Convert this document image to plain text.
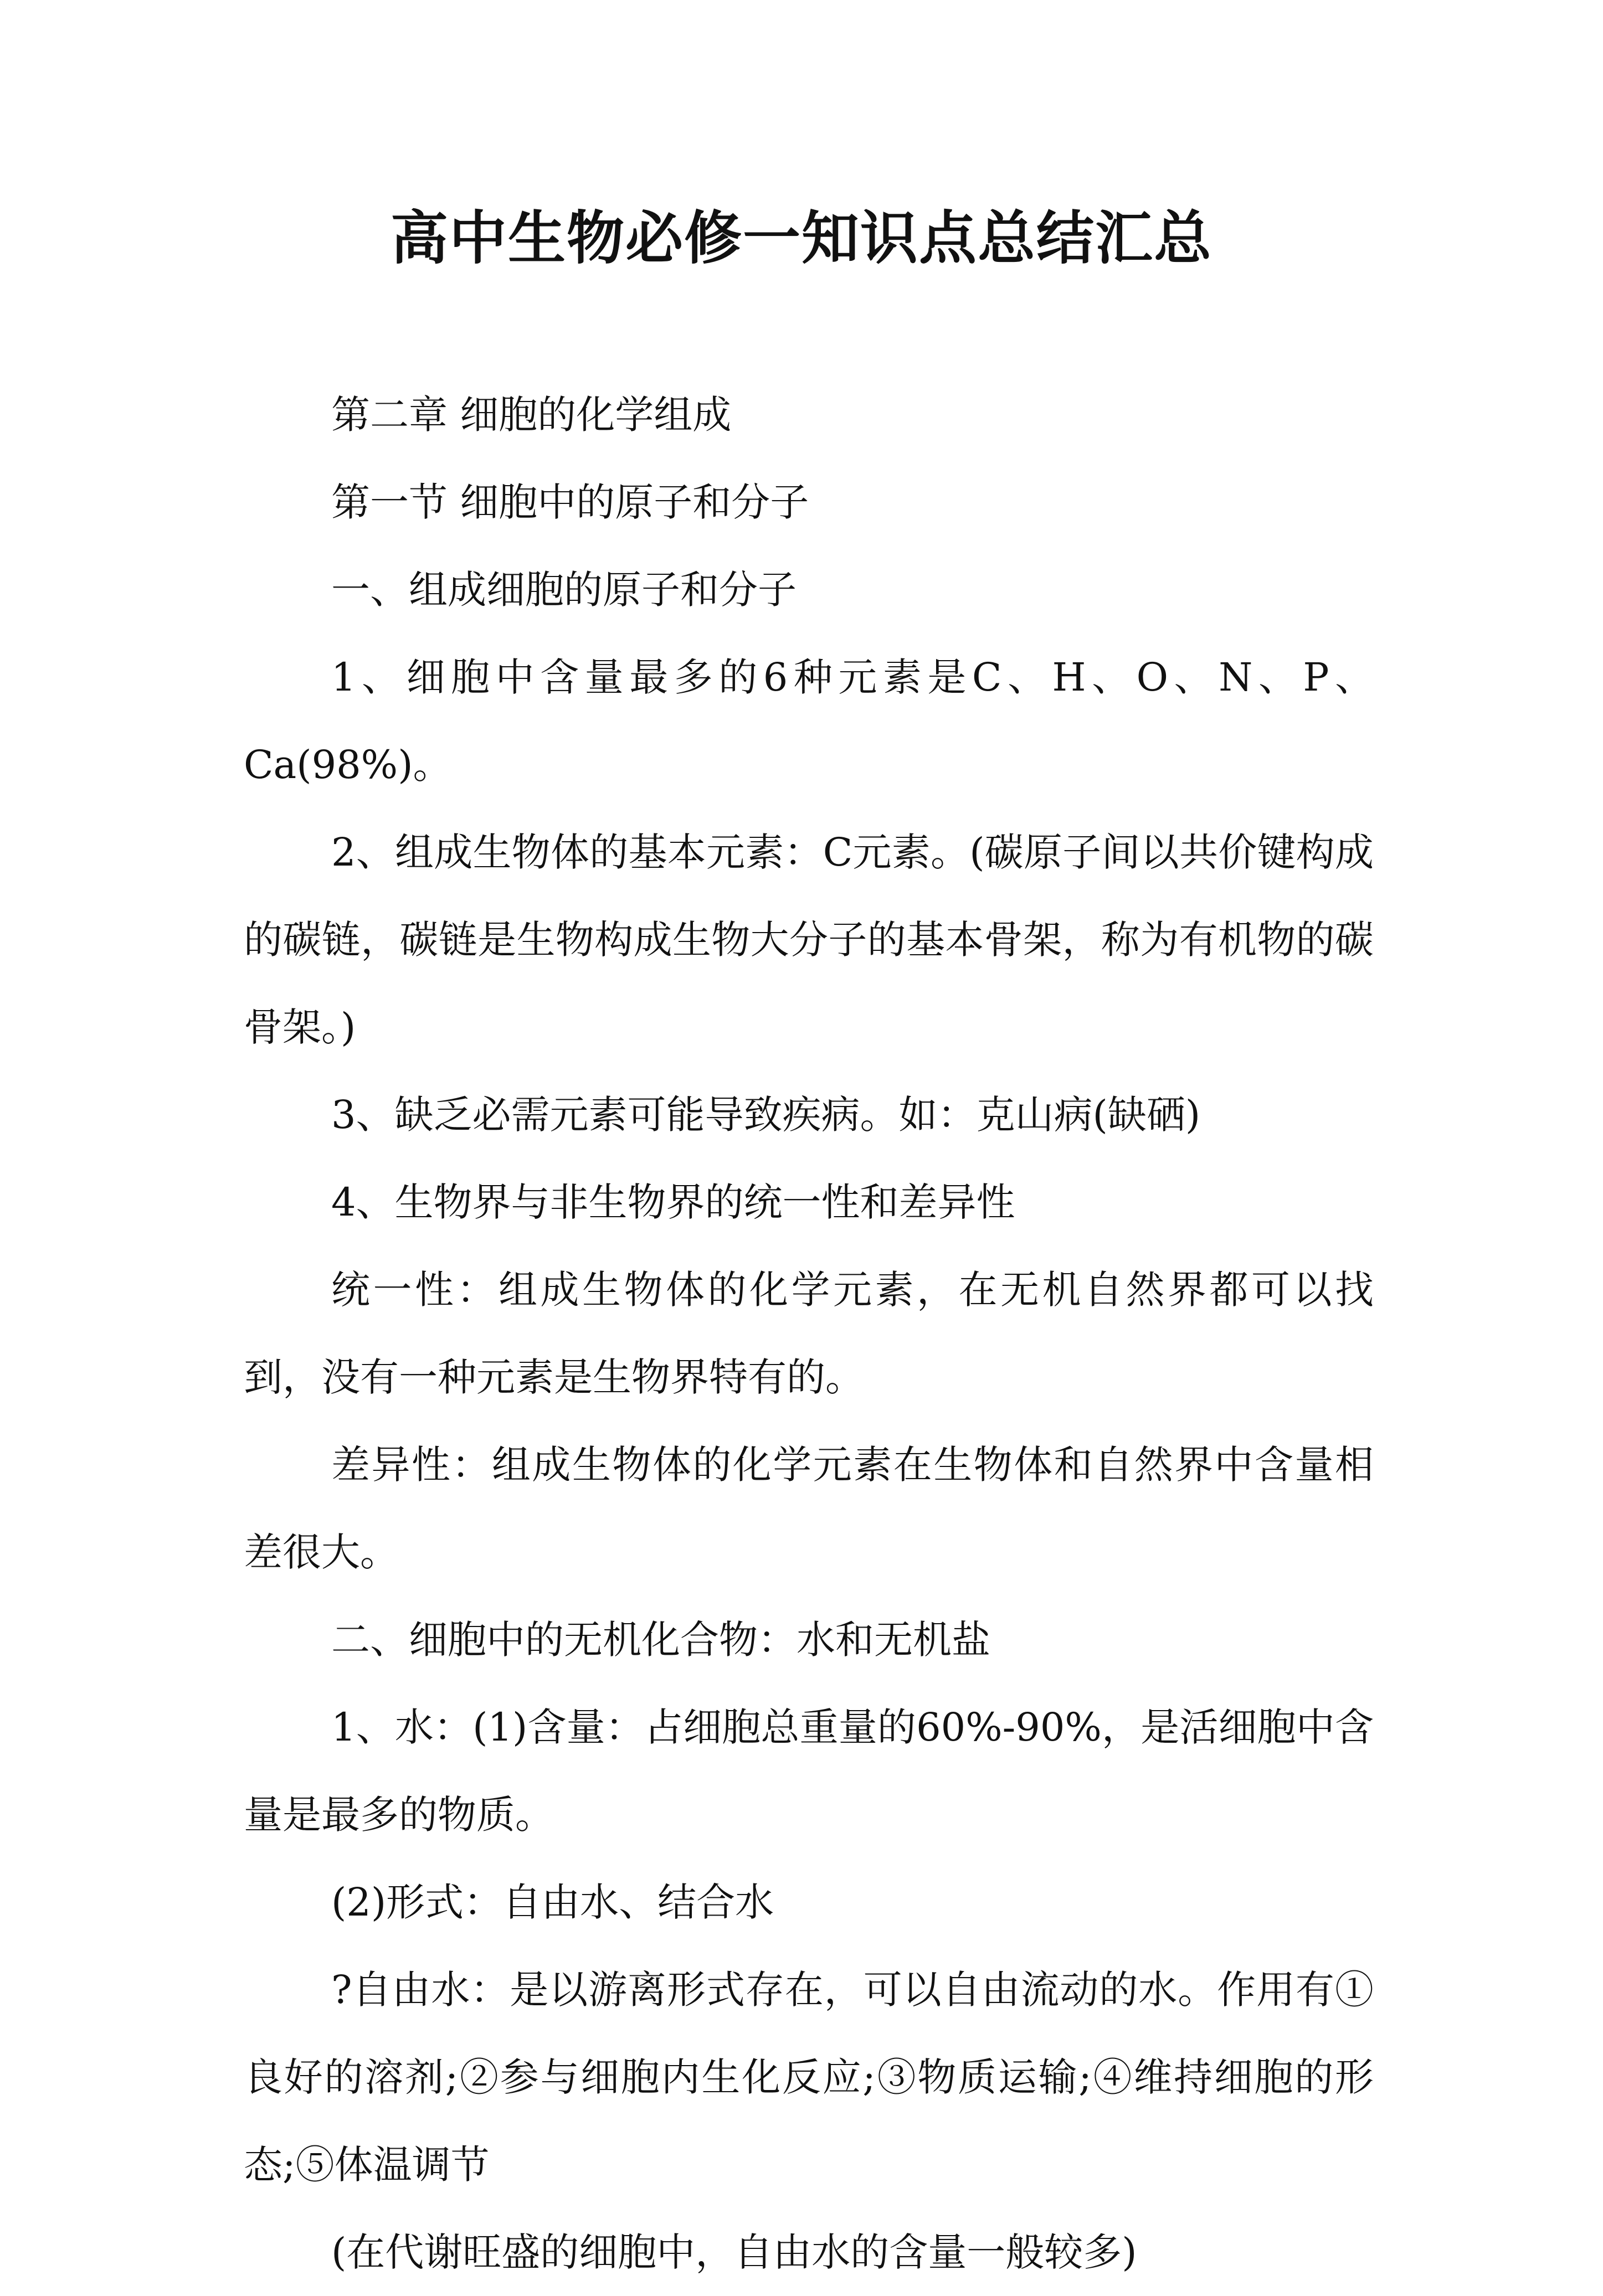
高中生物必修一知识点总结汇总

第二章 细胞的化学组成

第一节 细胞中的原子和分子

一、组成细胞的原子和分子

1、细胞中含量最多的6种元素是C、H、O、N、P、Ca(98%)。

2、组成生物体的基本元素：C元素。(碳原子间以共价键构成的碳链，碳链是生物构成生物大分子的基本骨架，称为有机物的碳骨架。)

3、缺乏必需元素可能导致疾病。如：克山病(缺硒)

4、生物界与非生物界的统一性和差异性

统一性：组成生物体的化学元素，在无机自然界都可以找到，没有一种元素是生物界特有的。

差异性：组成生物体的化学元素在生物体和自然界中含量相差很大。

二、细胞中的无机化合物：水和无机盐

1、水：(1)含量：占细胞总重量的60%-90%，是活细胞中含量是最多的物质。

(2)形式：自由水、结合水

?自由水：是以游离形式存在，可以自由流动的水。作用有①良好的溶剂;②参与细胞内生化反应;③物质运输;④维持细胞的形态;⑤体温调节

(在代谢旺盛的细胞中，自由水的含量一般较多)
